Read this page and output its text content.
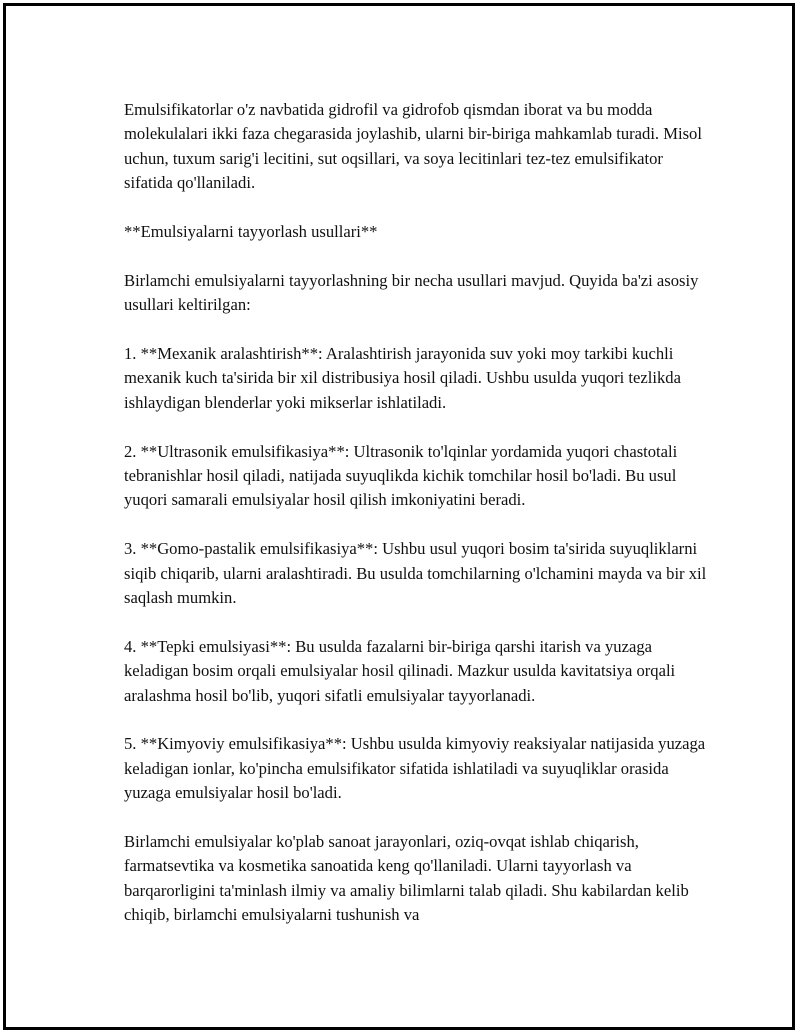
Emulsifikatorlar o'z navbatida gidrofil va gidrofob qismdan iborat va bu modda molekulalari ikki faza chegarasida joylashib, ularni bir-biriga mahkamlab turadi. Misol uchun, tuxum sarig'i lecitini, sut oqsillari, va soya lecitinlari tez-tez emulsifikator sifatida qo'llaniladi.

**Emulsiyalarni tayyorlash usullari**

Birlamchi emulsiyalarni tayyorlashning bir necha usullari mavjud. Quyida ba'zi asosiy usullari keltirilgan:

1. **Mexanik aralashtirish**: Aralashtirish jarayonida suv yoki moy tarkibi kuchli mexanik kuch ta'sirida bir xil distribusiya hosil qiladi. Ushbu usulda yuqori tezlikda ishlaydigan blenderlar yoki mikserlar ishlatiladi.

2. **Ultrasonik emulsifikasiya**: Ultrasonik to'lqinlar yordamida yuqori chastotali tebranishlar hosil qiladi, natijada suyuqlikda kichik tomchilar hosil bo'ladi. Bu usul yuqori samarali emulsiyalar hosil qilish imkoniyatini beradi.

3. **Gomo-pastalik emulsifikasiya**: Ushbu usul yuqori bosim ta'sirida suyuqliklarni siqib chiqarib, ularni aralashtiradi. Bu usulda tomchilarning o'lchamini mayda va bir xil saqlash mumkin.

4. **Tepki emulsiyasi**: Bu usulda fazalarni bir-biriga qarshi itarish va yuzaga keladigan bosim orqali emulsiyalar hosil qilinadi. Mazkur usulda kavitatsiya orqali aralashma hosil bo'lib, yuqori sifatli emulsiyalar tayyorlanadi.

5. **Kimyoviy emulsifikasiya**: Ushbu usulda kimyoviy reaksiyalar natijasida yuzaga keladigan ionlar, ko'pincha emulsifikator sifatida ishlatiladi va suyuqliklar orasida yuzaga emulsiyalar hosil bo'ladi.

Birlamchi emulsiyalar ko'plab sanoat jarayonlari, oziq-ovqat ishlab chiqarish, farmatsevtika va kosmetika sanoatida keng qo'llaniladi. Ularni tayyorlash va barqarorligini ta'minlash ilmiy va amaliy bilimlarni talab qiladi. Shu kabilardan kelib chiqib, birlamchi emulsiyalarni tushunish va
